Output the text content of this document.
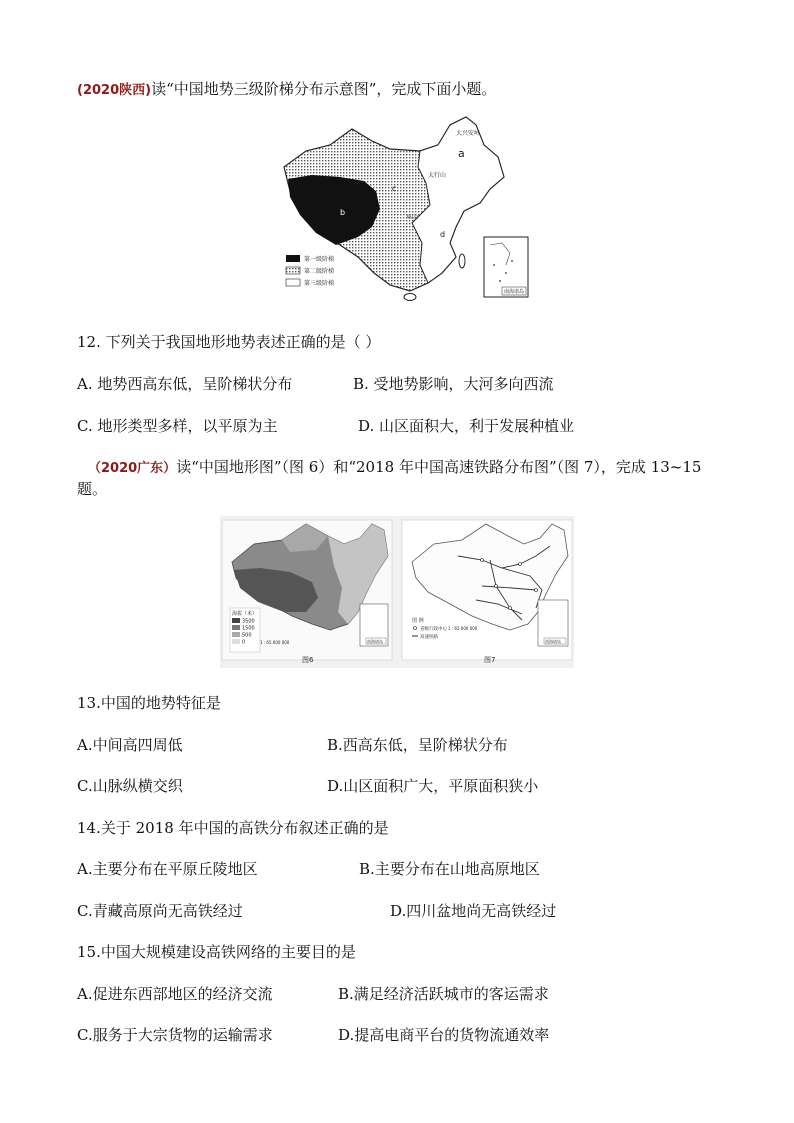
(2020陕西)读“中国地势三级阶梯分布示意图”，完成下面小题。
大兴安岭
a
太行山
巫山
b
c
d
第一级阶梯
第二级阶梯
第三级阶梯
南海诸岛
12. 下列关于我国地形地势表述正确的是（ ）
A. 地势西高东低，呈阶梯状分布	B. 受地势影响，大河多向西流
C. 地形类型多样，以平原为主	D. 山区面积大，利于发展种植业
（2020广东）读“中国地形图”（图 6）和“2018 年中国高速铁路分布图”（图 7），完成 13~15
题。
海拔（米）
3500
1500
500
0	1 : 65 000 000	南海诸岛
图6
图 例
省级行政中心
高速铁路
1 : 65 000 000
南海诸岛
图7
13.中国的地势特征是
A.中间高四周低	B.西高东低，呈阶梯状分布
C.山脉纵横交织	D.山区面积广大，平原面积狭小
14.关于 2018 年中国的高铁分布叙述正确的是
A.主要分布在平原丘陵地区	B.主要分布在山地高原地区
C.青藏高原尚无高铁经过	D.四川盆地尚无高铁经过
15.中国大规模建设高铁网络的主要目的是
A.促进东西部地区的经济交流	B.满足经济活跃城市的客运需求
C.服务于大宗货物的运输需求	D.提高电商平台的货物流通效率
